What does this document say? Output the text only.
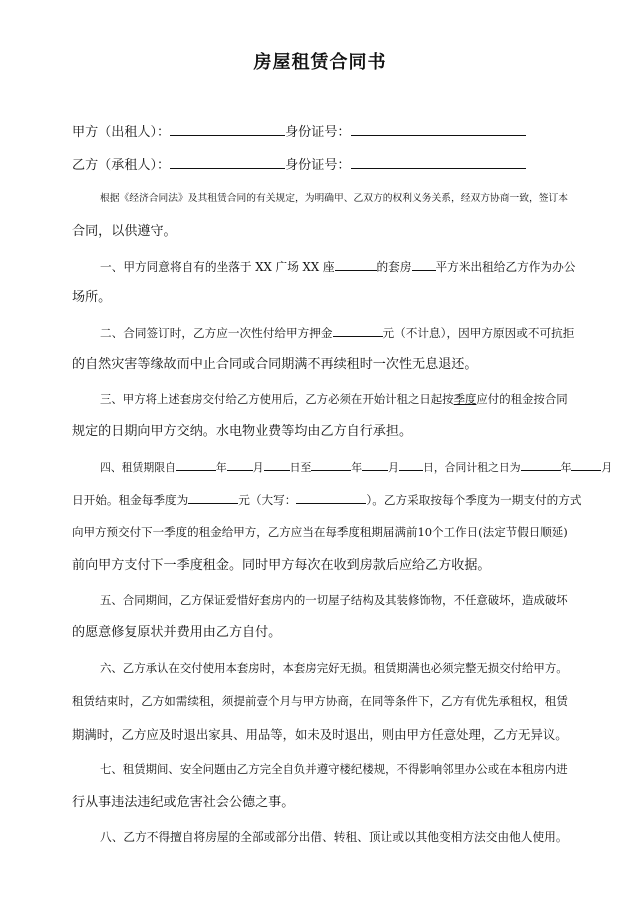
房屋租赁合同书
甲方（出租人）：	身份证号：
乙方（承租人）：	身份证号：
根据《经济合同法》及其租赁合同的有关规定，为明确甲、乙双方的权利义务关系，经双方协商一致，签订本
合同，以供遵守。
一、甲方同意将自有的坐落于 XX 广场 XX 座	的套房 平方米出租给乙方作为办公
场所。
二、合同签订时，乙方应一次性付给甲方押金	元（不计息），因甲方原因或不可抗拒
的自然灾害等缘故而中止合同或合同期满不再续租时一次性无息退还。
三、甲方将上述套房交付给乙方使用后，乙方必须在开始计租之日起按季度应付的租金按合同
规定的日期向甲方交纳。水电物业费等均由乙方自行承担。
四、租赁期限自	年 月 日至	年 月 日，合同计租之日为	年	月
日开始。租金每季度为	元（大写：	）。乙方采取按每个季度为一期支付的方式
向甲方预交付下一季度的租金给甲方，乙方应当在每季度租期届满前10个工作日(法定节假日顺延)
前向甲方支付下一季度租金。同时甲方每次在收到房款后应给乙方收据。
五、合同期间，乙方保证爱惜好套房内的一切屋子结构及其装修饰物，不任意破坏，造成破坏
的愿意修复原状并费用由乙方自付。
六、乙方承认在交付使用本套房时，本套房完好无损。租赁期满也必须完整无损交付给甲方。
租赁结束时，乙方如需续租，须提前壹个月与甲方协商，在同等条件下，乙方有优先承租权，租赁
期满时，乙方应及时退出家具、用品等，如未及时退出，则由甲方任意处理，乙方无异议。
七、租赁期间、安全问题由乙方完全自负并遵守楼纪楼规，不得影响邻里办公或在本租房内进
行从事违法违纪或危害社会公德之事。
八、乙方不得擅自将房屋的全部或部分出借、转租、顶让或以其他变相方法交由他人使用。
